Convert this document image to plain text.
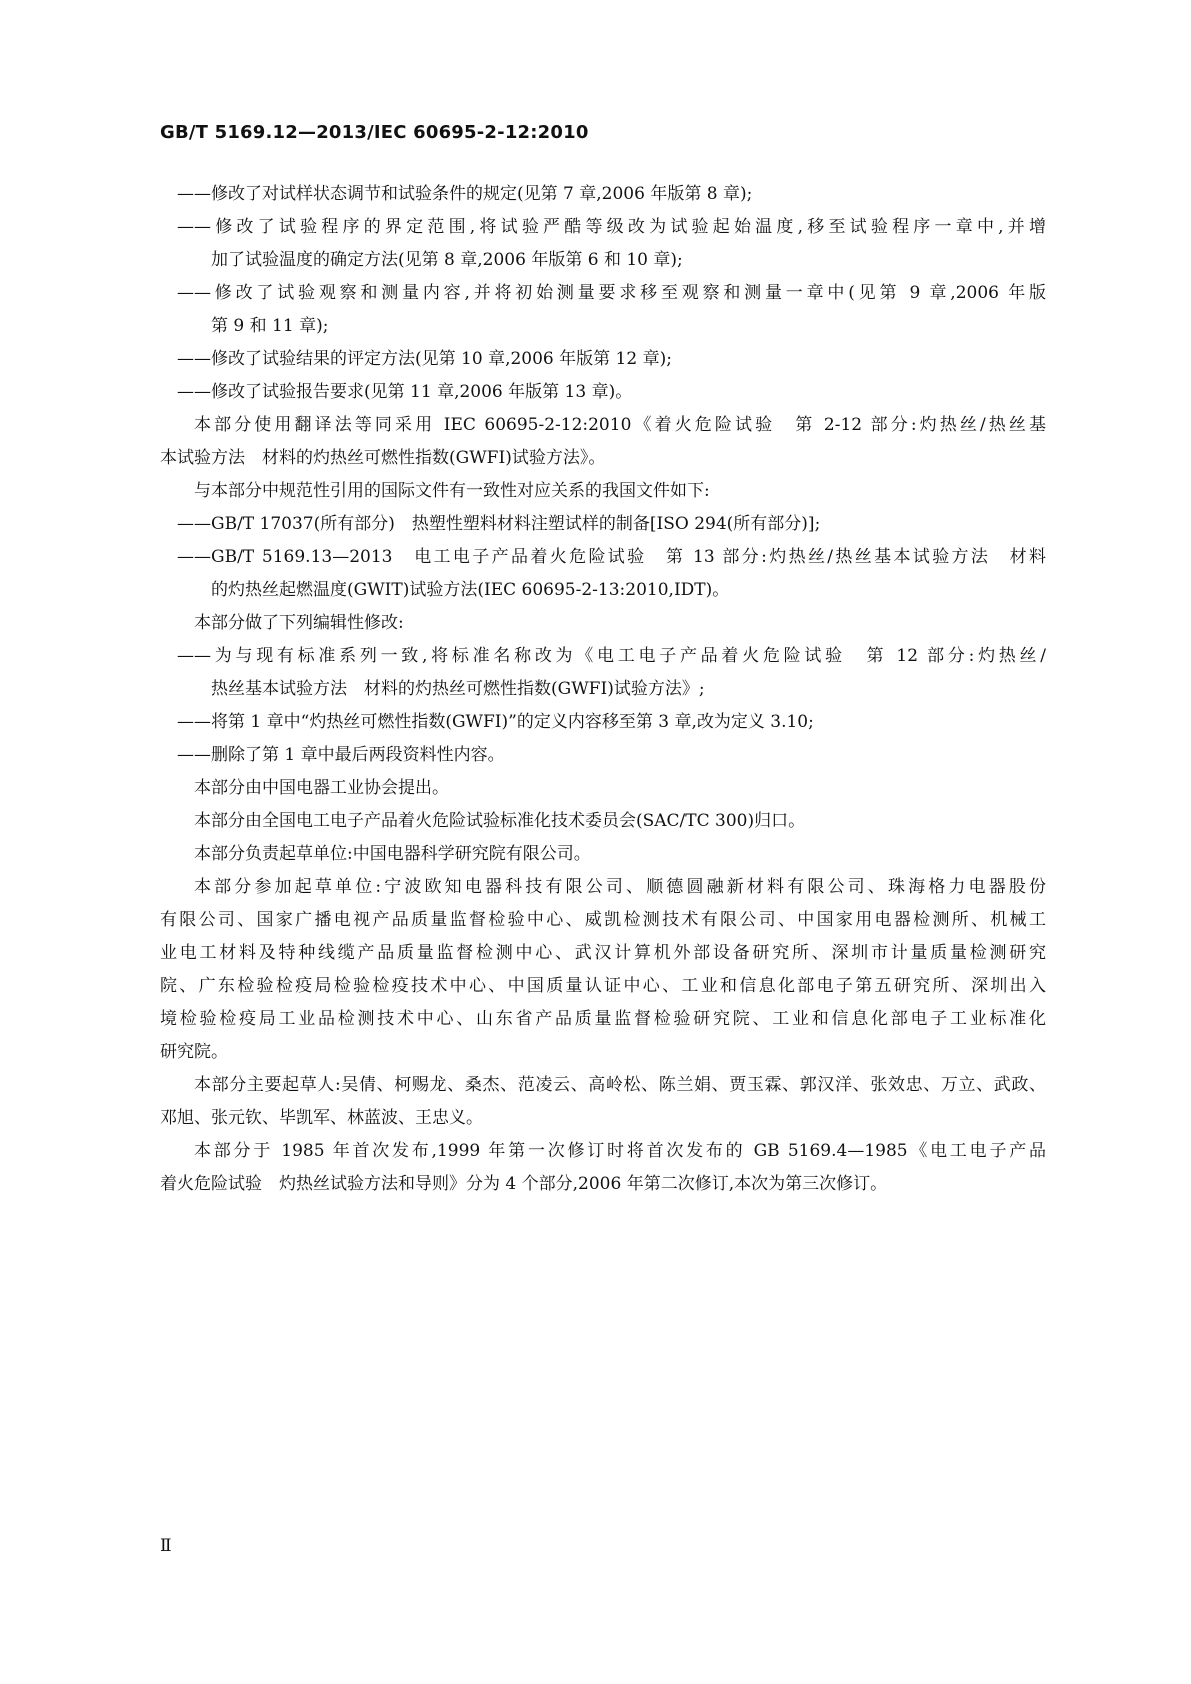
GB/T 5169.12—2013/IEC 60695-2-12:2010
——修改了对试样状态调节和试验条件的规定(见第 7 章,2006 年版第 8 章);
——修改了试验程序的界定范围,将试验严酷等级改为试验起始温度,移至试验程序一章中,并增
加了试验温度的确定方法(见第 8 章,2006 年版第 6 和 10 章);
——修改了试验观察和测量内容,并将初始测量要求移至观察和测量一章中(见第 9 章,2006 年版
第 9 和 11 章);
——修改了试验结果的评定方法(见第 10 章,2006 年版第 12 章);
——修改了试验报告要求(见第 11 章,2006 年版第 13 章)。
本部分使用翻译法等同采用 IEC 60695-2-12:2010《着火危险试验　第 2-12 部分:灼热丝/热丝基
本试验方法　材料的灼热丝可燃性指数(GWFI)试验方法》。
与本部分中规范性引用的国际文件有一致性对应关系的我国文件如下:
——GB/T 17037(所有部分)　热塑性塑料材料注塑试样的制备[ISO 294(所有部分)];
——GB/T 5169.13—2013　电工电子产品着火危险试验　第 13 部分:灼热丝/热丝基本试验方法　材料
的灼热丝起燃温度(GWIT)试验方法(IEC 60695-2-13:2010,IDT)。
本部分做了下列编辑性修改:
——为与现有标准系列一致,将标准名称改为《电工电子产品着火危险试验　第 12 部分:灼热丝/
热丝基本试验方法　材料的灼热丝可燃性指数(GWFI)试验方法》;
——将第 1 章中“灼热丝可燃性指数(GWFI)”的定义内容移至第 3 章,改为定义 3.10;
——删除了第 1 章中最后两段资料性内容。
本部分由中国电器工业协会提出。
本部分由全国电工电子产品着火危险试验标准化技术委员会(SAC/TC 300)归口。
本部分负责起草单位:中国电器科学研究院有限公司。
本部分参加起草单位:宁波欧知电器科技有限公司、顺德圆融新材料有限公司、珠海格力电器股份
有限公司、国家广播电视产品质量监督检验中心、威凯检测技术有限公司、中国家用电器检测所、机械工
业电工材料及特种线缆产品质量监督检测中心、武汉计算机外部设备研究所、深圳市计量质量检测研究
院、广东检验检疫局检验检疫技术中心、中国质量认证中心、工业和信息化部电子第五研究所、深圳出入
境检验检疫局工业品检测技术中心、山东省产品质量监督检验研究院、工业和信息化部电子工业标准化
研究院。
本部分主要起草人:吴倩、柯赐龙、桑杰、范凌云、高岭松、陈兰娟、贾玉霖、郭汉洋、张效忠、万立、武政、
邓旭、张元钦、毕凯军、林蓝波、王忠义。
本部分于 1985 年首次发布,1999 年第一次修订时将首次发布的 GB 5169.4—1985《电工电子产品
着火危险试验　灼热丝试验方法和导则》分为 4 个部分,2006 年第二次修订,本次为第三次修订。
Ⅱ
